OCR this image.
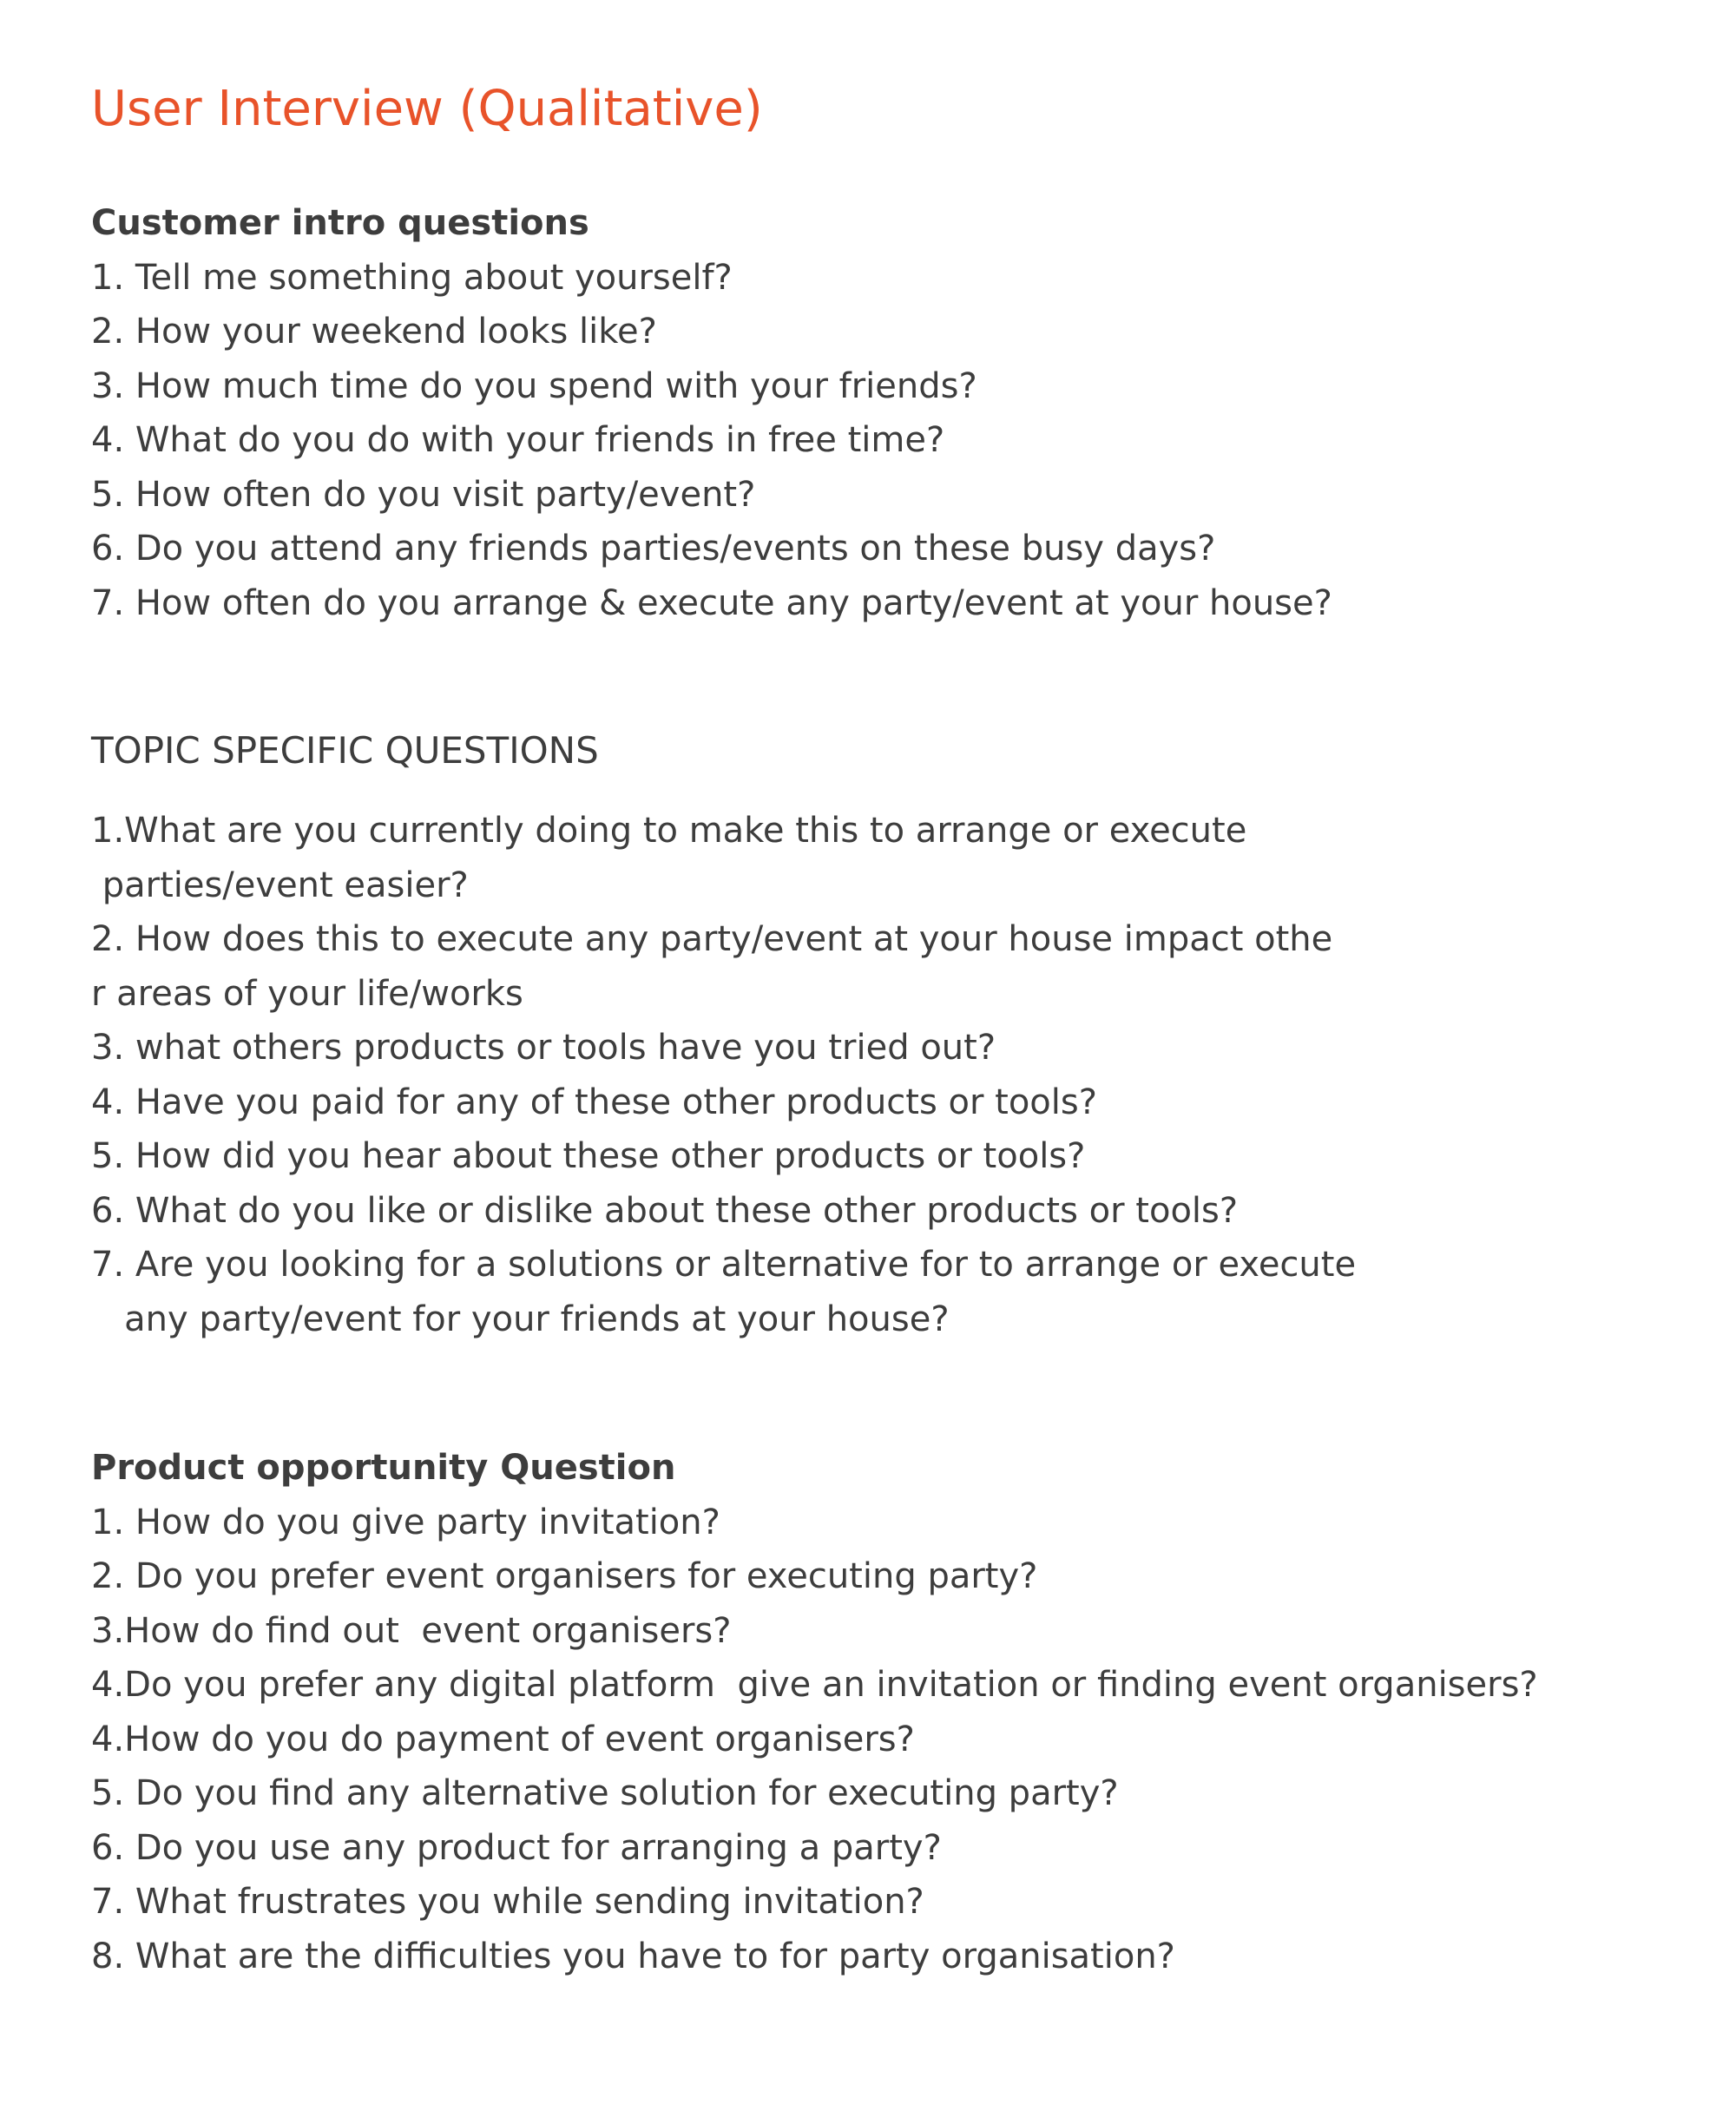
User Interview (Qualitative)
Customer intro questions
1. Tell me something about yourself?
2. How your weekend looks like?
3. How much time do you spend with your friends?
4. What do you do with your friends in free time?
5. How often do you visit party/event?
6. Do you attend any friends parties/events on these busy days?
7. How often do you arrange & execute any party/event at your house?
TOPIC SPECIFIC QUESTIONS
1.What are you currently doing to make this to arrange or execute
parties/event easier?
2. How does this to execute any party/event at your house impact othe
r areas of your life/works
3. what others products or tools have you tried out?
4. Have you paid for any of these other products or tools?
5. How did you hear about these other products or tools?
6. What do you like or dislike about these other products or tools?
7. Are you looking for a solutions or alternative for to arrange or execute
any party/event for your friends at your house?
Product opportunity Question
1. How do you give party invitation?
2. Do you prefer event organisers for executing party?
3.How do find out  event organisers?
4.Do you prefer any digital platform  give an invitation or finding event organisers?
4.How do you do payment of event organisers?
5. Do you find any alternative solution for executing party?
6. Do you use any product for arranging a party?
7. What frustrates you while sending invitation?
8. What are the difficulties you have to for party organisation?
